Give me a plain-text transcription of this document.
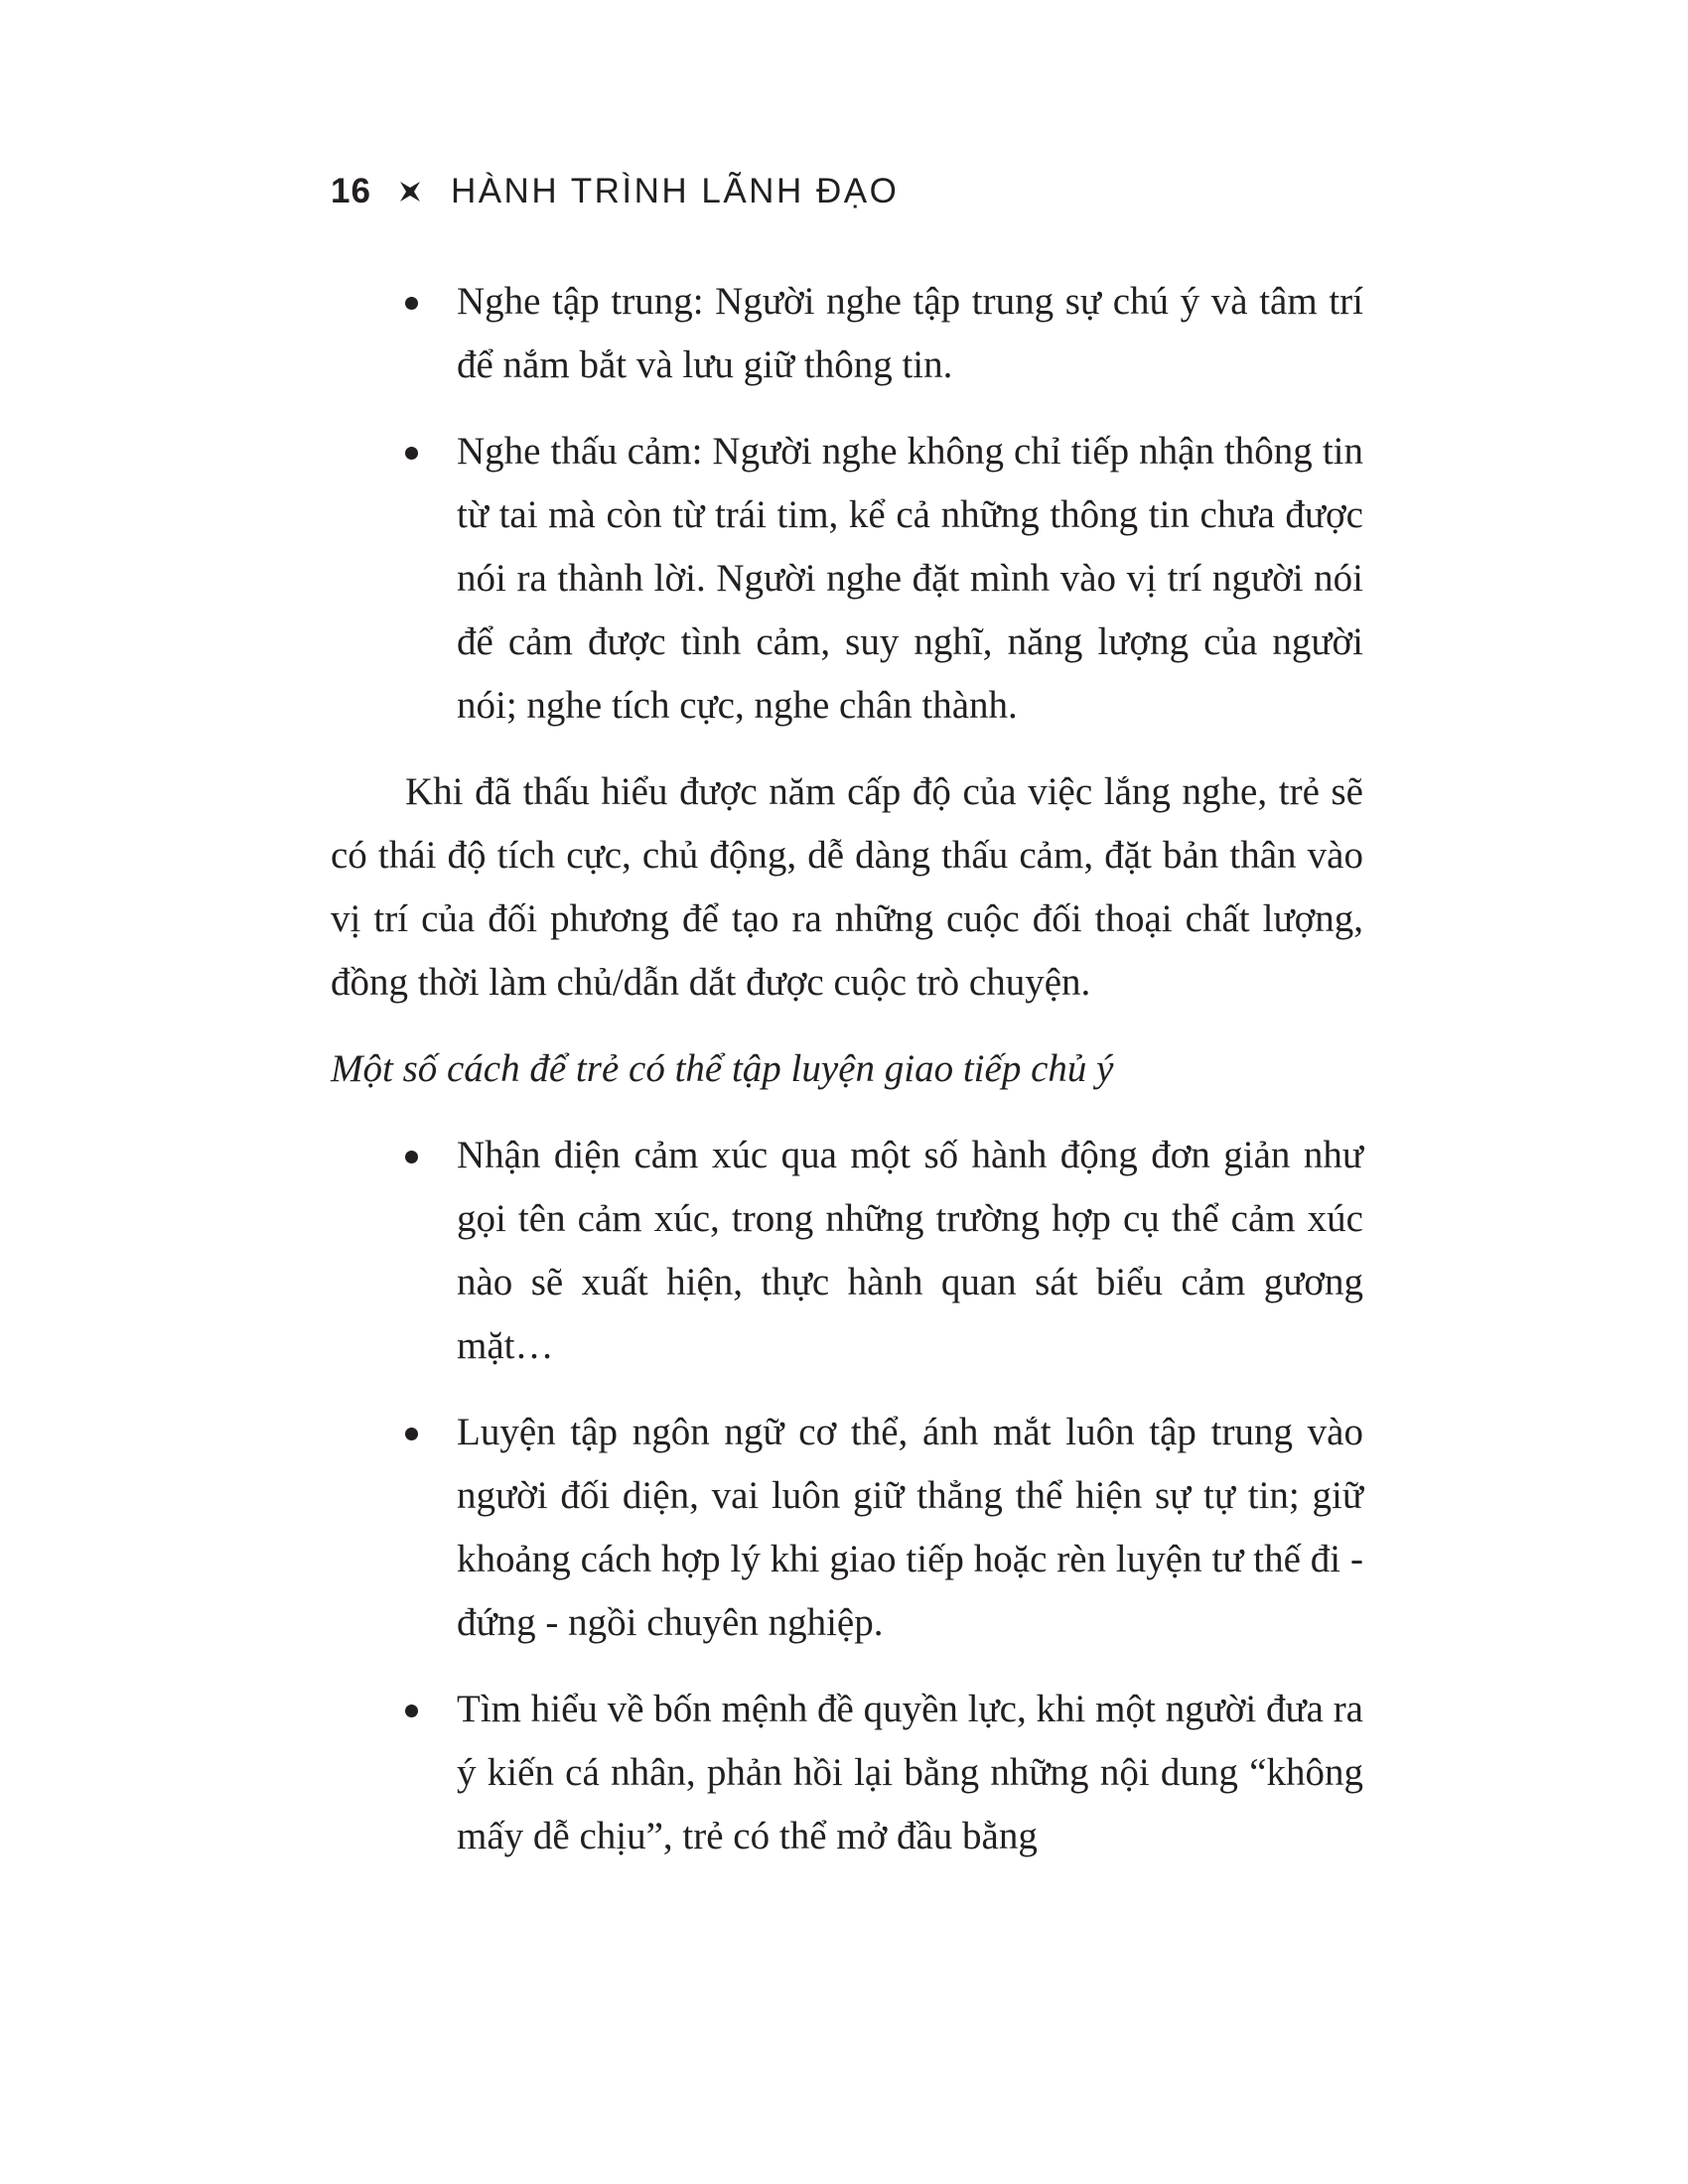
16 HÀNH TRÌNH LÃNH ĐẠO
Nghe tập trung: Người nghe tập trung sự chú ý và tâm trí để nắm bắt và lưu giữ thông tin.
Nghe thấu cảm: Người nghe không chỉ tiếp nhận thông tin từ tai mà còn từ trái tim, kể cả những thông tin chưa được nói ra thành lời. Người nghe đặt mình vào vị trí người nói để cảm được tình cảm, suy nghĩ, năng lượng của người nói; nghe tích cực, nghe chân thành.

Khi đã thấu hiểu được năm cấp độ của việc lắng nghe, trẻ sẽ có thái độ tích cực, chủ động, dễ dàng thấu cảm, đặt bản thân vào vị trí của đối phương để tạo ra những cuộc đối thoại chất lượng, đồng thời làm chủ/dẫn dắt được cuộc trò chuyện.

Một số cách để trẻ có thể tập luyện giao tiếp chủ ý

Nhận diện cảm xúc qua một số hành động đơn giản như gọi tên cảm xúc, trong những trường hợp cụ thể cảm xúc nào sẽ xuất hiện, thực hành quan sát biểu cảm gương mặt…
Luyện tập ngôn ngữ cơ thể, ánh mắt luôn tập trung vào người đối diện, vai luôn giữ thẳng thể hiện sự tự tin; giữ khoảng cách hợp lý khi giao tiếp hoặc rèn luyện tư thế đi - đứng - ngồi chuyên nghiệp.
Tìm hiểu về bốn mệnh đề quyền lực, khi một người đưa ra ý kiến cá nhân, phản hồi lại bằng những nội dung “không mấy dễ chịu”, trẻ có thể mở đầu bằng
